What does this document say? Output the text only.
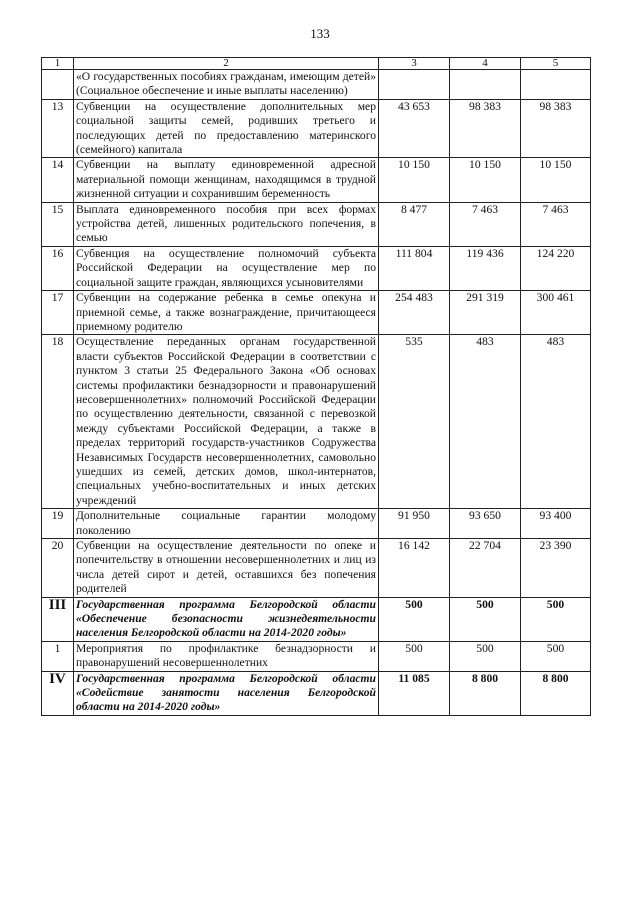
133
1	2	3	4	5
	«О государственных пособиях гражданам, имеющим детей» (Социальное обеспечение и иные выплаты населению)			
13	Субвенции на осуществление дополнительных мер социальной защиты семей, родивших третьего и последующих детей по предоставлению материнского (семейного) капитала	43 653	98 383	98 383
14	Субвенции на выплату единовременной адресной материальной помощи женщинам, находящимся в трудной жизненной ситуации и сохранившим беременность	10 150	10 150	10 150
15	Выплата единовременного пособия при всех формах устройства детей, лишенных родительского попечения, в семью	8 477	7 463	7 463
16	Субвенция на осуществление полномочий субъекта Российской Федерации на осуществление мер по социальной защите граждан, являющихся усыновителями	111 804	119 436	124 220
17	Субвенции на содержание ребенка в семье опекуна и приемной семье, а также вознаграждение, причитающееся приемному родителю	254 483	291 319	300 461
18	Осуществление переданных органам государственной власти субъектов Российской Федерации в соответствии с пунктом 3 статьи 25 Федерального Закона «Об основах системы профилактики безнадзорности и правонарушений несовершеннолетних» полномочий Российской Федерации по осуществлению деятельности, связанной с перевозкой между субъектами Российской Федерации, а также в пределах территорий государств-участников Содружества Независимых Государств несовершеннолетних, самовольно ушедших из семей, детских домов, школ-интернатов, специальных учебно-воспитательных и иных детских учреждений	535	483	483
19	Дополнительные социальные гарантии молодому поколению	91 950	93 650	93 400
20	Субвенции на осуществление деятельности по опеке и попечительству в отношении несовершеннолетних и лиц из числа детей сирот и детей, оставшихся без попечения родителей	16 142	22 704	23 390
III	Государственная программа Белгородской области «Обеспечение безопасности жизнедеятельности населения Белгородской области на 2014-2020 годы»	500	500	500
1	Мероприятия по профилактике безнадзорности и правонарушений несовершеннолетних	500	500	500
IV	Государственная программа Белгородской области «Содействие занятости населения Белгородской области на 2014-2020 годы»	11 085	8 800	8 800
